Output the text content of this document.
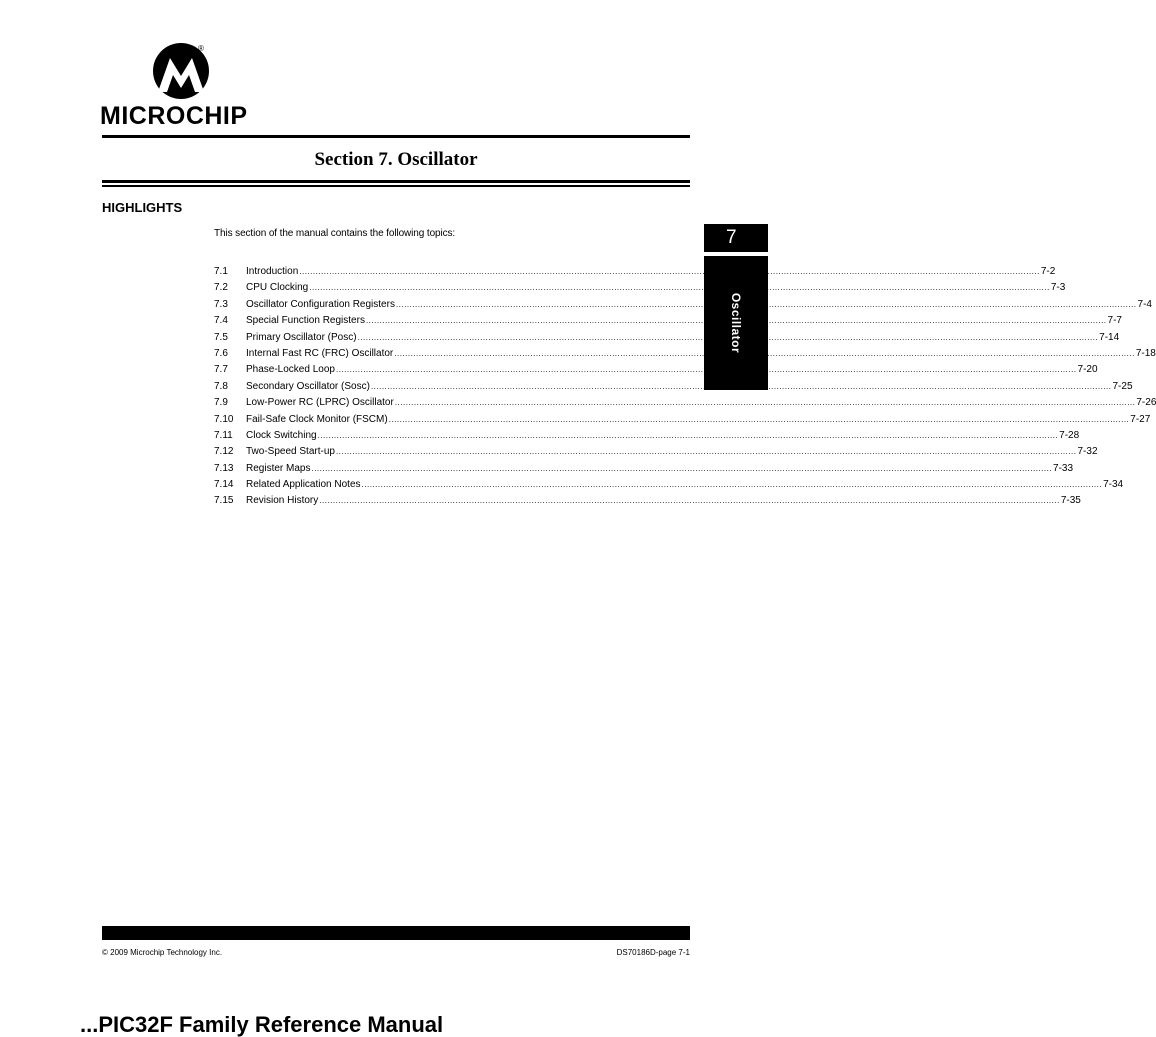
®
MICROCHIP
Section 7. Oscillator
HIGHLIGHTS
This section of the manual contains the following topics:
7.1	Introduction .....	7-2
7.2	CPU Clocking .....	7-3
7.3	Oscillator Configuration Registers .....	7-4
7.4	Special Function Registers .....	7-7
7.5	Primary Oscillator (Posc) .....	7-14
7.6	Internal Fast RC (FRC) Oscillator .....	7-18
7.7	Phase-Locked Loop .....	7-20
7.8	Secondary Oscillator (Sosc) .....	7-25
7.9	Low-Power RC (LPRC) Oscillator .....	7-26
7.10	Fail-Safe Clock Monitor (FSCM) .....	7-27
7.11	Clock Switching .....	7-28
7.12	Two-Speed Start-up .....	7-32
7.13	Register Maps .....	7-33
7.14	Related Application Notes .....	7-34
7.15	Revision History .....	7-35
7
Oscillator
© 2009 Microchip Technology Inc.	DS70186D-page 7-1
...PIC32F Family Reference Manual
